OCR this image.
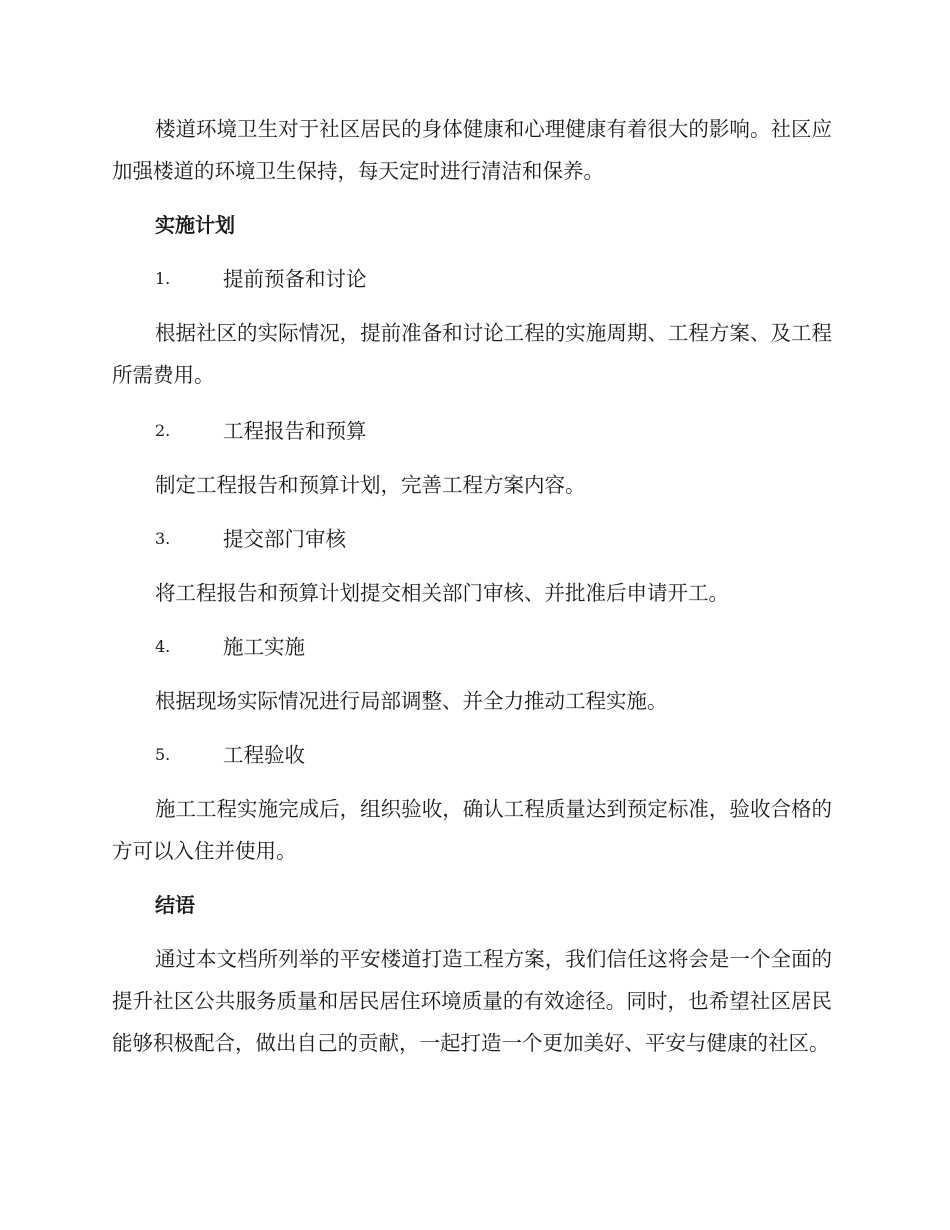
楼道环境卫生对于社区居民的身体健康和心理健康有着很大的影响。社区应加强楼道的环境卫生保持，每天定时进行清洁和保养。

实施计划
1.	提前预备和讨论

根据社区的实际情况，提前准备和讨论工程的实施周期、工程方案、及工程所需费用。

2.	工程报告和预算

制定工程报告和预算计划，完善工程方案内容。

3.	提交部门审核

将工程报告和预算计划提交相关部门审核、并批准后申请开工。

4.	施工实施

根据现场实际情况进行局部调整、并全力推动工程实施。

5.	工程验收

施工工程实施完成后，组织验收，确认工程质量达到预定标准，验收合格的方可以入住并使用。

结语

通过本文档所列举的平安楼道打造工程方案，我们信任这将会是一个全面的提升社区公共服务质量和居民居住环境质量的有效途径。同时，也希望社区居民能够积极配合，做出自己的贡献，一起打造一个更加美好、平安与健康的社区。
